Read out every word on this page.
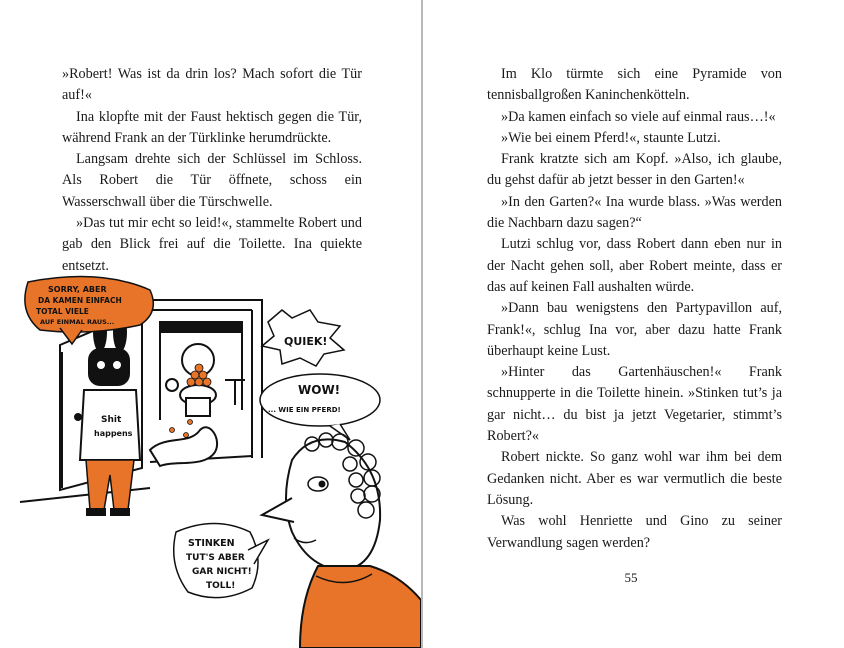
»Robert! Was ist da drin los? Mach sofort die Tür auf!«

Ina klopfte mit der Faust hektisch gegen die Tür, während Frank an der Türklinke herumdrückte.

Langsam drehte sich der Schlüssel im Schloss. Als Robert die Tür öffnete, schoss ein Wasserschwall über die Türschwelle.

»Das tut mir echt so leid!«, stammelte Robert und gab den Blick frei auf die Toilette. Ina quiekte entsetzt.

Shit
happens
SORRY, ABER
DA KAMEN EINFACH
TOTAL VIELE
AUF EINMAL RAUS...
QUIEK!
WOW!
... WIE EIN PFERD!
STINKEN
TUT'S ABER
GAR NICHT!
TOLL!

Im Klo türmte sich eine Pyramide von tennisballgroßen Kaninchenkötteln.

»Da kamen einfach so viele auf einmal raus…!«

»Wie bei einem Pferd!«, staunte Lutzi.

Frank kratzte sich am Kopf. »Also, ich glaube, du gehst dafür ab jetzt besser in den Garten!«

»In den Garten?« Ina wurde blass. »Was werden die Nachbarn dazu sagen?“

Lutzi schlug vor, dass Robert dann eben nur in der Nacht gehen soll, aber Robert meinte, dass er das auf keinen Fall aushalten würde.

»Dann bau wenigstens den Partypavillon auf, Frank!«, schlug Ina vor, aber dazu hatte Frank überhaupt keine Lust.

»Hinter das Gartenhäuschen!« Frank schnupperte in die Toilette hinein. »Stinken tut’s ja gar nicht… du bist ja jetzt Vegetarier, stimmt’s Robert?«

Robert nickte. So ganz wohl war ihm bei dem Gedanken nicht. Aber es war vermutlich die beste Lösung.

Was wohl Henriette und Gino zu seiner Verwandlung sagen werden?

55
